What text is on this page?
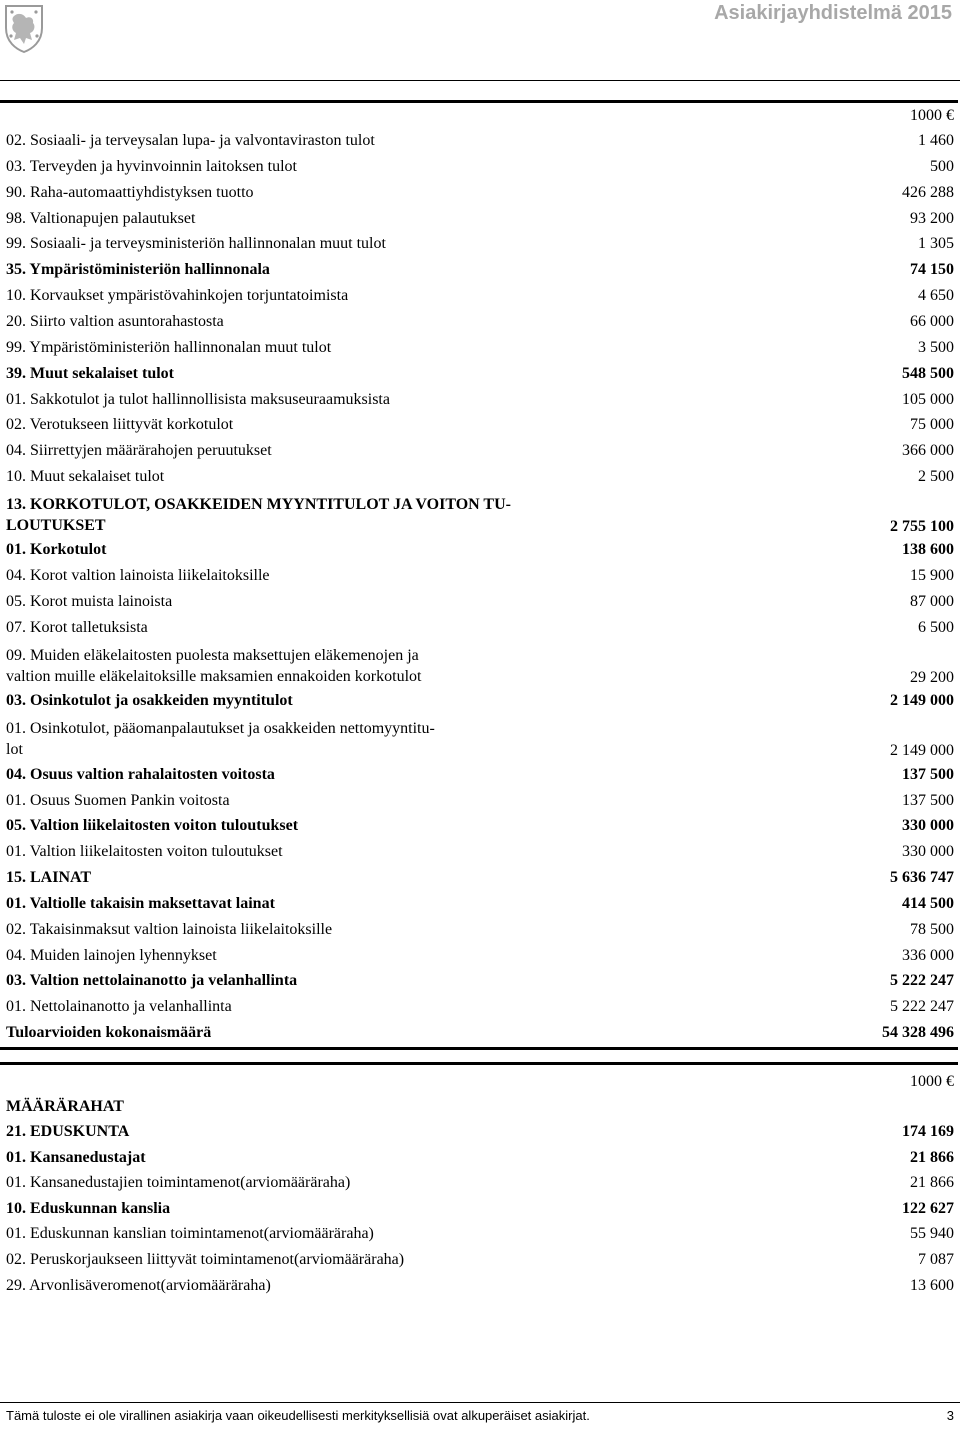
Asiakirjayhdistelmä 2015
1000 €
02. Sosiaali- ja terveysalan lupa- ja valvontaviraston tulot	1 460
03. Terveyden ja hyvinvoinnin laitoksen tulot	500
90. Raha-automaattiyhdistyksen tuotto	426 288
98. Valtionapujen palautukset	93 200
99. Sosiaali- ja terveysministeriön hallinnonalan muut tulot	1 305
35. Ympäristöministeriön hallinnonala	74 150
10. Korvaukset ympäristövahinkojen torjuntatoimista	4 650
20. Siirto valtion asuntorahastosta	66 000
99. Ympäristöministeriön hallinnonalan muut tulot	3 500
39. Muut sekalaiset tulot	548 500
01. Sakkotulot ja tulot hallinnollisista maksuseuraamuksista	105 000
02. Verotukseen liittyvät korkotulot	75 000
04. Siirrettyjen määrärahojen peruutukset	366 000
10. Muut sekalaiset tulot	2 500
13. KORKOTULOT, OSAKKEIDEN MYYNTITULOT JA VOITON TU-
LOUTUKSET	2 755 100
01. Korkotulot	138 600
04. Korot valtion lainoista liikelaitoksille	15 900
05. Korot muista lainoista	87 000
07. Korot talletuksista	6 500
09. Muiden eläkelaitosten puolesta maksettujen eläkemenojen ja
valtion muille eläkelaitoksille maksamien ennakoiden korkotulot	29 200
03. Osinkotulot ja osakkeiden myyntitulot	2 149 000
01. Osinkotulot, pääomanpalautukset ja osakkeiden nettomyyntitu-
lot	2 149 000
04. Osuus valtion rahalaitosten voitosta	137 500
01. Osuus Suomen Pankin voitosta	137 500
05. Valtion liikelaitosten voiton tuloutukset	330 000
01. Valtion liikelaitosten voiton tuloutukset	330 000
15. LAINAT	5 636 747
01. Valtiolle takaisin maksettavat lainat	414 500
02. Takaisinmaksut valtion lainoista liikelaitoksille	78 500
04. Muiden lainojen lyhennykset	336 000
03. Valtion nettolainanotto ja velanhallinta	5 222 247
01. Nettolainanotto ja velanhallinta	5 222 247
Tuloarvioiden kokonaismäärä	54 328 496
1000 €
MÄÄRÄRAHAT
21. EDUSKUNTA	174 169
01. Kansanedustajat	21 866
01. Kansanedustajien toimintamenot(arviomääräraha)	21 866
10. Eduskunnan kanslia	122 627
01. Eduskunnan kanslian toimintamenot(arviomääräraha)	55 940
02. Peruskorjaukseen liittyvät toimintamenot(arviomääräraha)	7 087
29. Arvonlisäveromenot(arviomääräraha)	13 600
Tämä tuloste ei ole virallinen asiakirja vaan oikeudellisesti merkityksellisiä ovat alkuperäiset asiakirjat.	3
